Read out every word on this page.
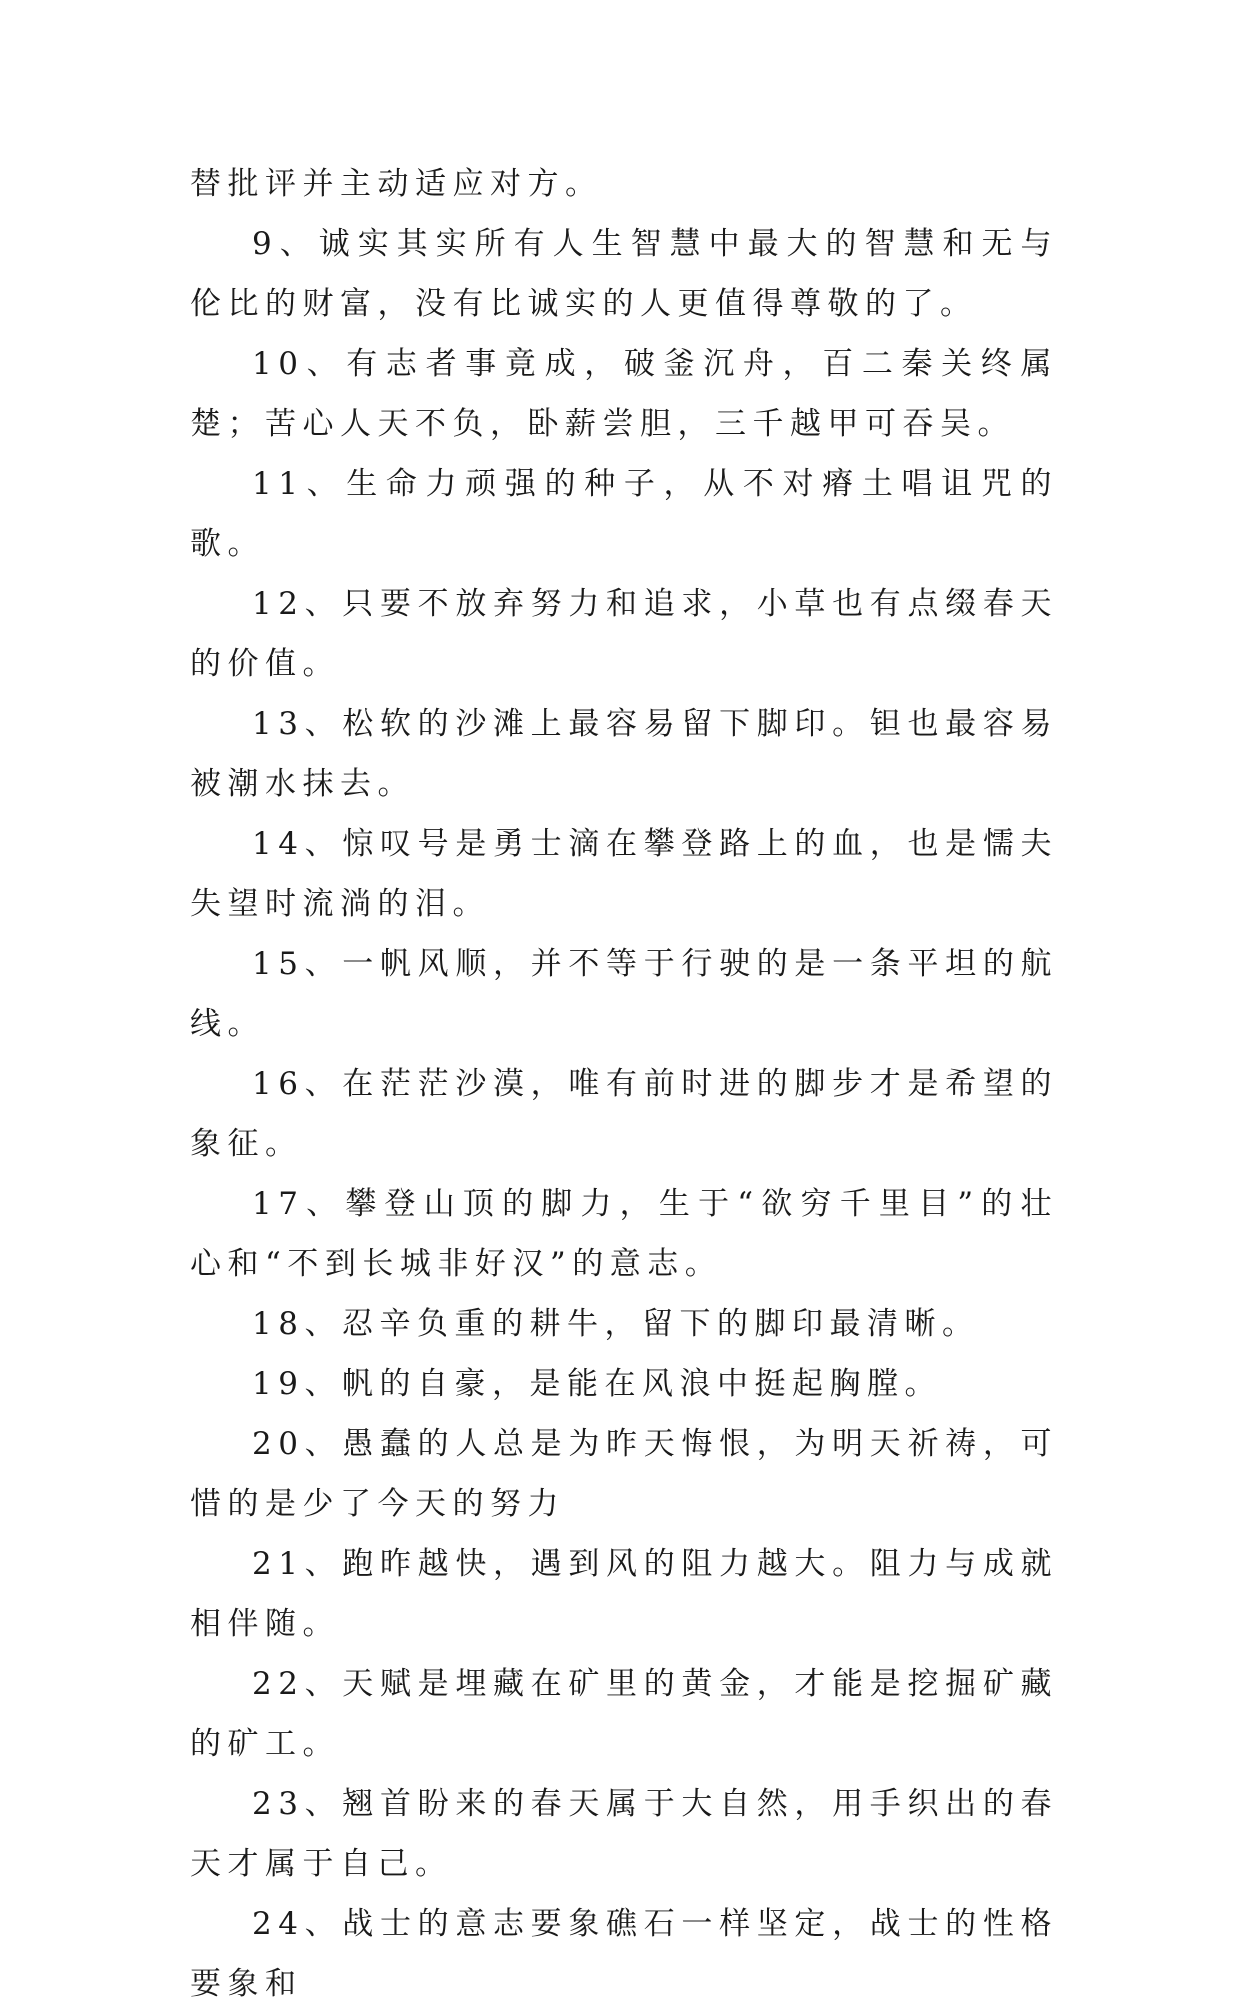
替批评并主动适应对方。

9、诚实其实所有人生智慧中最大的智慧和无与伦比的财富，没有比诚实的人更值得尊敬的了。

10、有志者事竟成，破釜沉舟，百二秦关终属楚；苦心人天不负，卧薪尝胆，三千越甲可吞吴。

11、生命力顽强的种子，从不对瘠土唱诅咒的歌。

12、只要不放弃努力和追求，小草也有点缀春天的价值。

13、松软的沙滩上最容易留下脚印。钽也最容易被潮水抹去。

14、惊叹号是勇士滴在攀登路上的血，也是懦夫失望时流淌的泪。

15、一帆风顺，并不等于行驶的是一条平坦的航线。

16、在茫茫沙漠，唯有前时进的脚步才是希望的象征。

17、攀登山顶的脚力，生于“欲穷千里目”的壮心和“不到长城非好汉”的意志。

18、忍辛负重的耕牛，留下的脚印最清晰。

19、帆的自豪，是能在风浪中挺起胸膛。

20、愚蠢的人总是为昨天悔恨，为明天祈祷，可惜的是少了今天的努力

21、跑昨越快，遇到风的阻力越大。阻力与成就相伴随。

22、天赋是埋藏在矿里的黄金，才能是挖掘矿藏的矿工。

23、翘首盼来的春天属于大自然，用手织出的春天才属于自己。

24、战士的意志要象礁石一样坚定，战士的性格要象和
